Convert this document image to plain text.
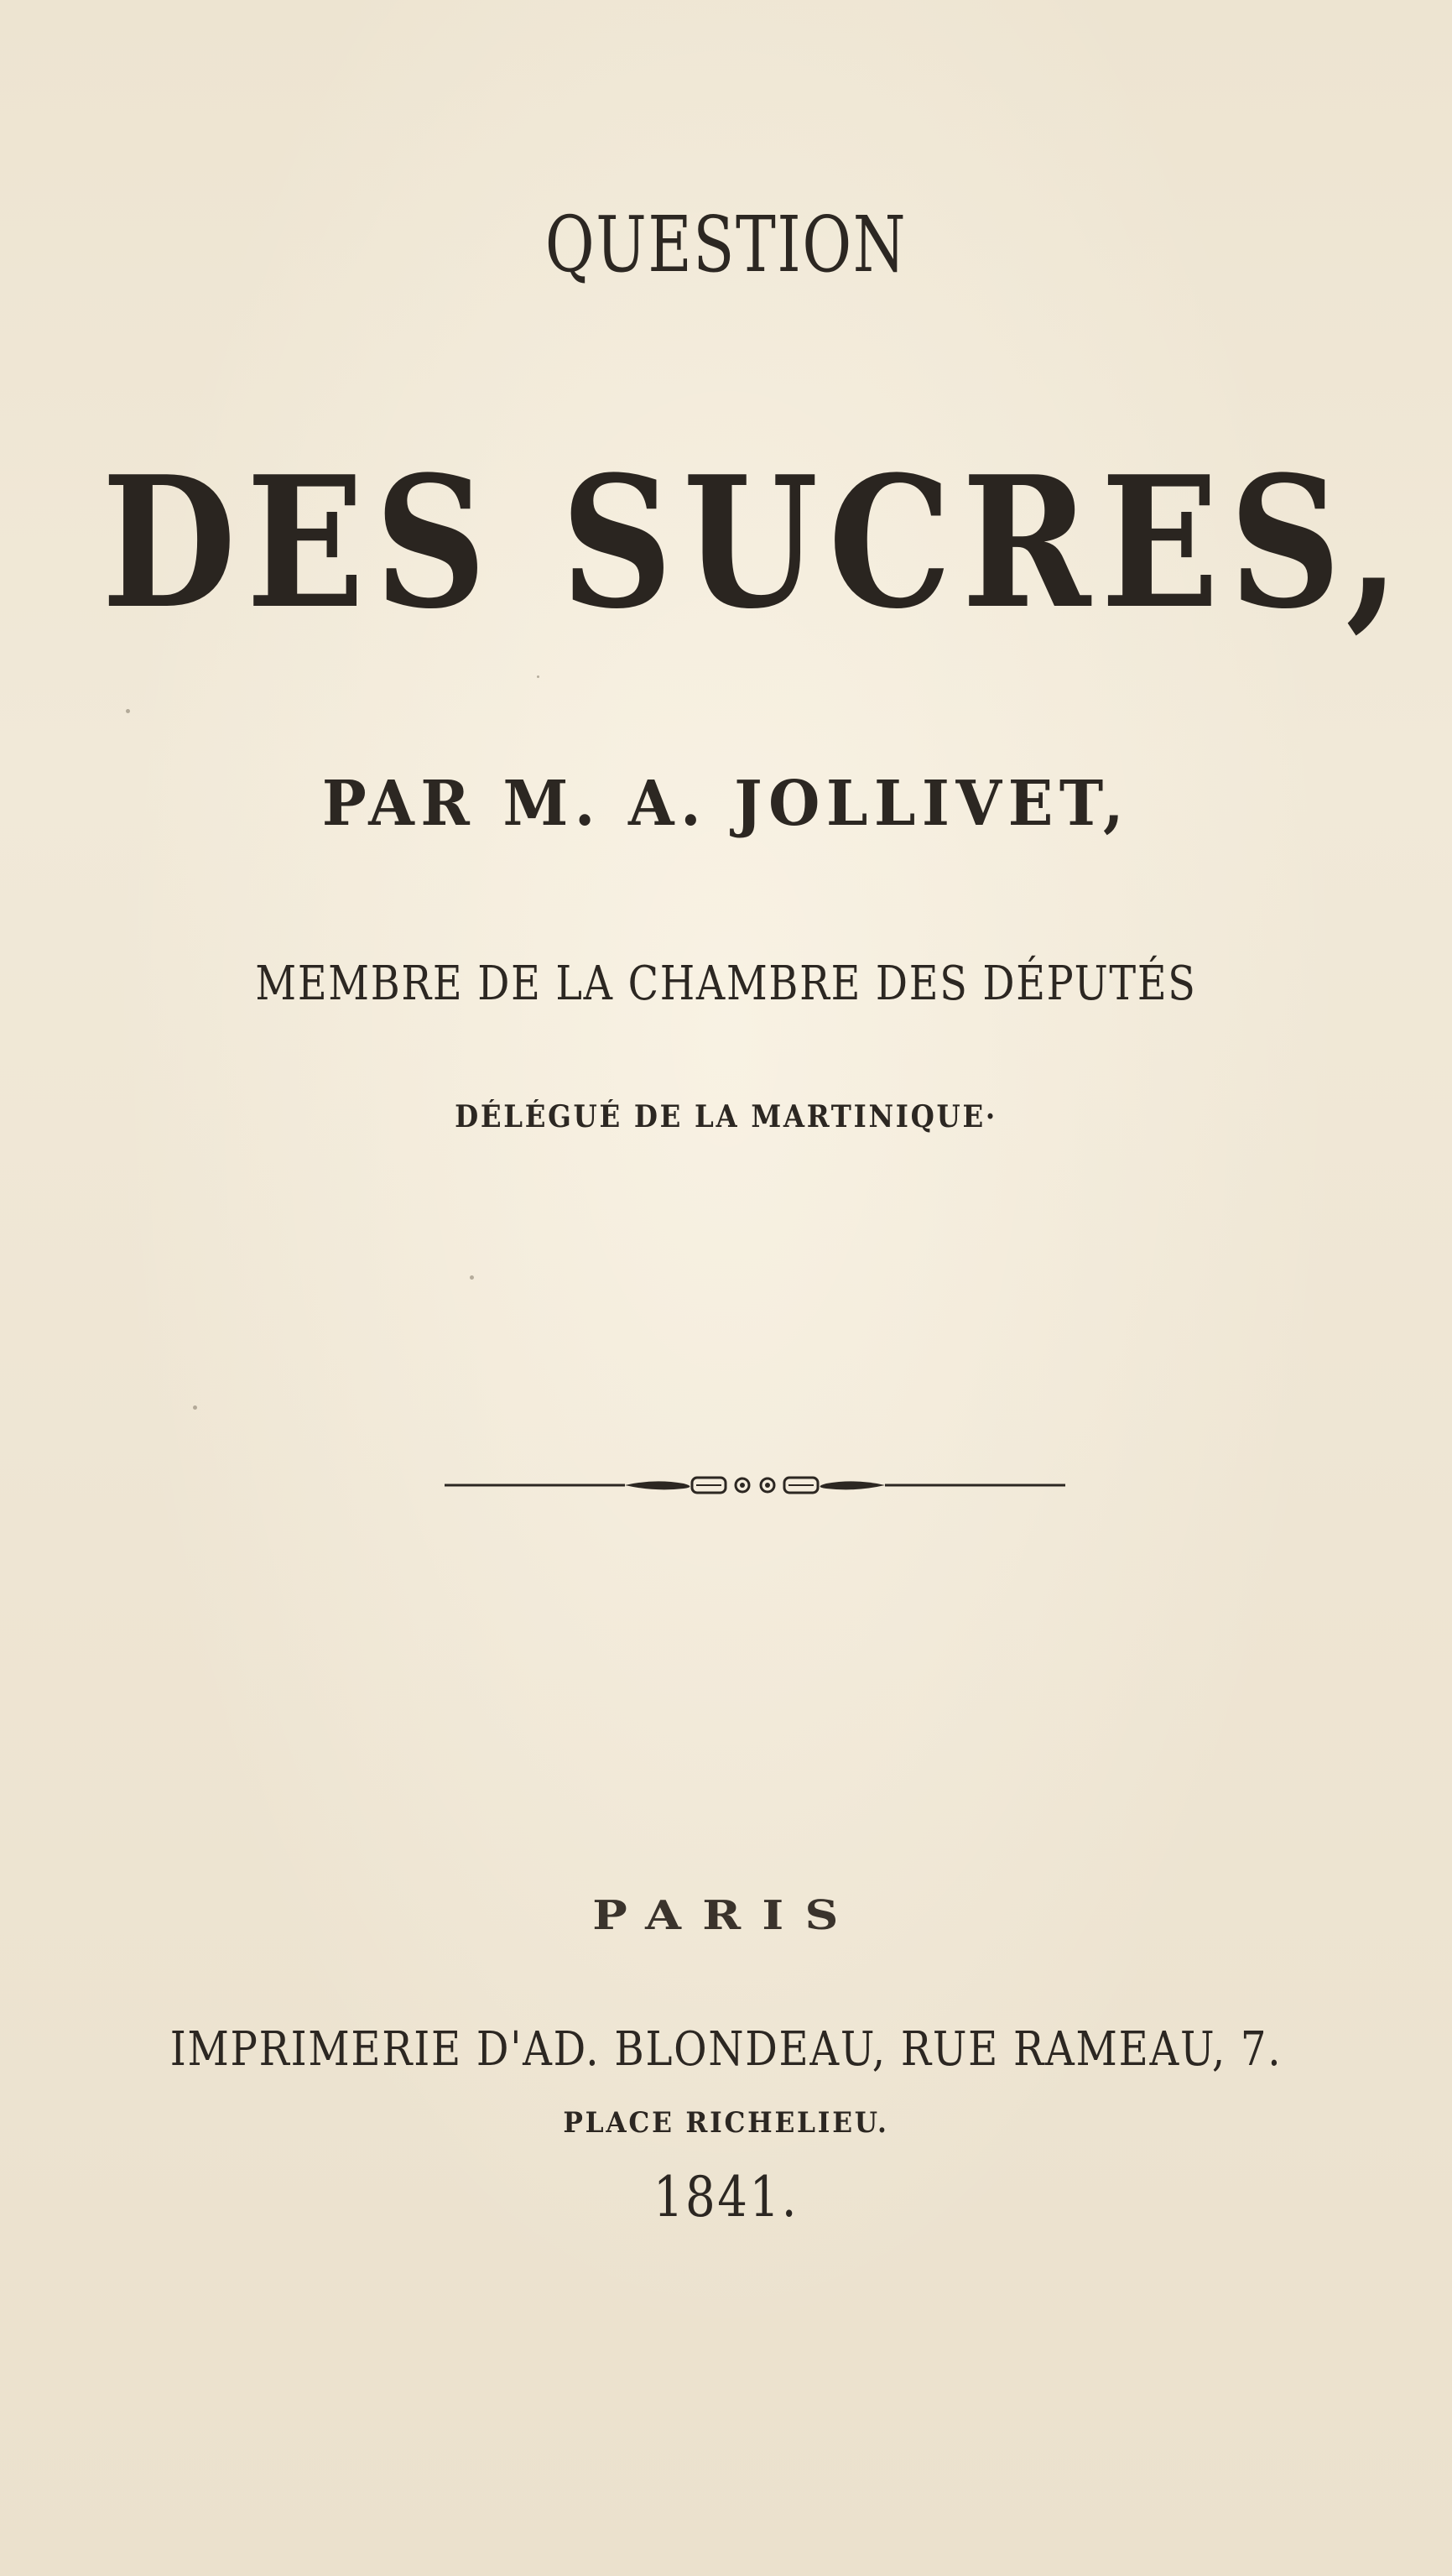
QUESTION
DES SUCRES,
PAR M. A. JOLLIVET,
MEMBRE DE LA CHAMBRE DES DÉPUTÉS
DÉLÉGUÉ DE LA MARTINIQUE·
PARIS
IMPRIMERIE D'AD. BLONDEAU, RUE RAMEAU, 7.
PLACE RICHELIEU.
1841.
